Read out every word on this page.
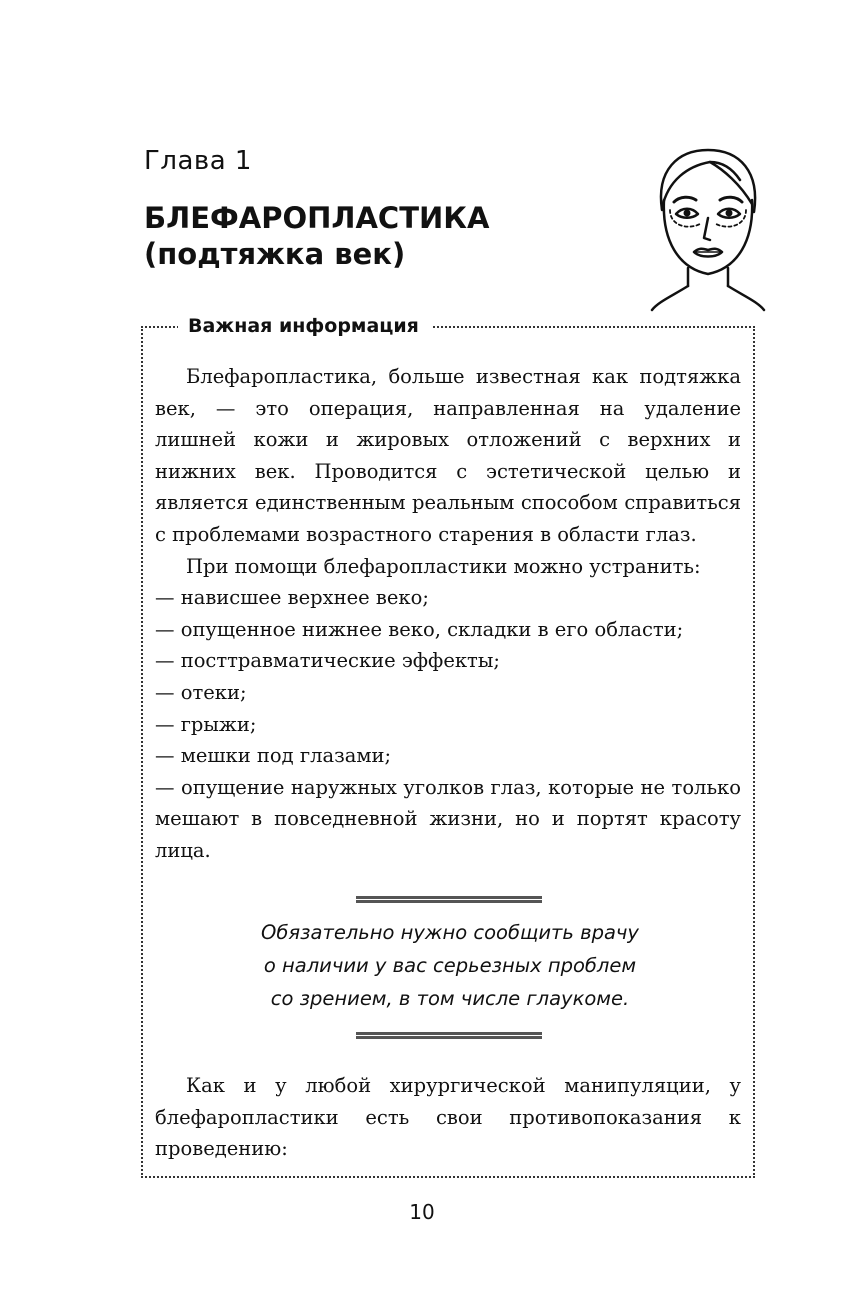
Глава 1
БЛЕФАРОПЛАСТИКА
(подтяжка век)
Важная информация

Блефаропластика, больше известная как подтяжка век, — это операция, направленная на удаление лишней кожи и жировых отложений с верхних и нижних век. Проводится с эстетической целью и является единственным реальным способом справиться с проблемами возрастного старения в области глаз.

При помощи блефаропластики можно устранить:

— нависшее верхнее веко;

— опущенное нижнее веко, складки в его области;

— посттравматические эффекты;

— отеки;

— грыжи;

— мешки под глазами;

— опущение наружных уголков глаз, которые не только мешают в повседневной жизни, но и портят красоту лица.

Обязательно нужно сообщить врачу
о наличии у вас серьезных проблем
со зрением, в том числе глаукоме.

Как и у любой хирургической манипуляции, у блефаропластики есть свои противопоказания к проведению:

10
